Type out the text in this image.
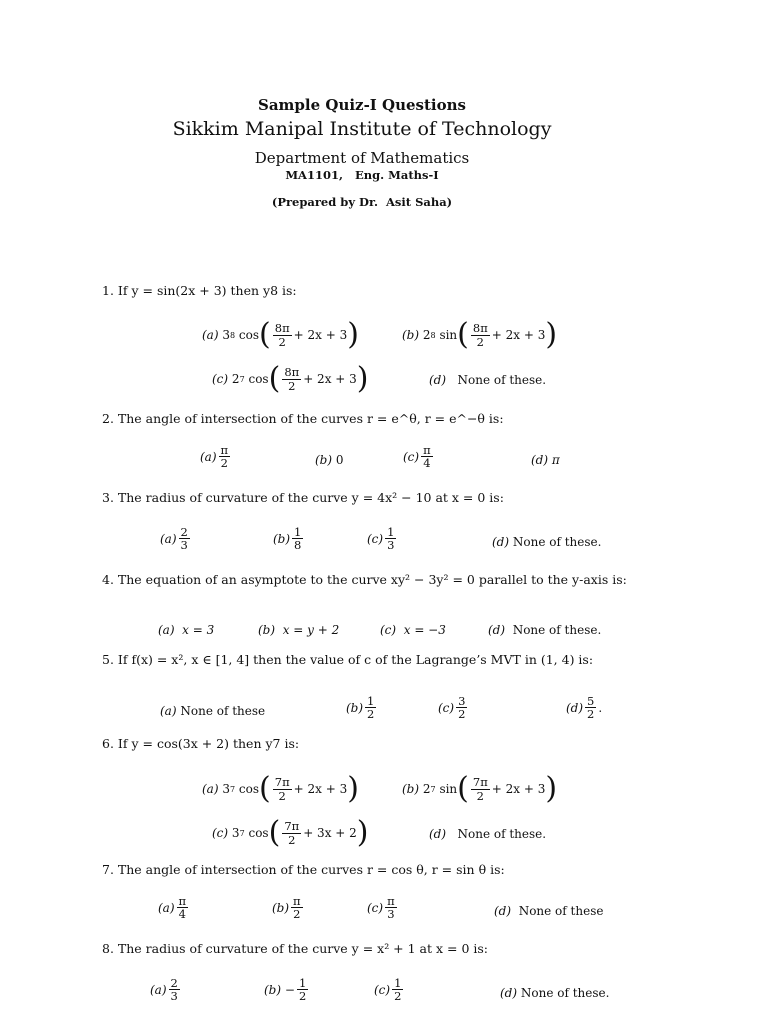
Sample Quiz-I Questions
Sikkim Manipal Institute of Technology
Department of Mathematics
MA1101,   Eng. Maths-I
(Prepared by Dr.  Asit Saha)
1. If y = sin(2x + 3) then y8 is:
(a)
3 8
cos ( $\frac{8\pi}{2} + 2x + 3$ )	(b)
2 8
sin ( $\frac{8\pi}{2} + 2x + 3$ )
(c)
2 7
cos ( $\frac{8\pi}{2} + 2x + 3$ )	(d) None of these.
2. The angle of intersection of the curves r = e^θ, r = e^−θ is:
$(a) \frac{\pi}{2}$	(b) 0	$(c) \frac{\pi}{4}$	(d) π
3. The radius of curvature of the curve y = 4x² − 10 at x = 0 is:
$(a) \frac{2}{3}$	$(b) \frac{1}{8}$	$(c) \frac{1}{3}$	(d) None of these.
4. The equation of an asymptote to the curve xy² − 3y² = 0 parallel to the y-axis is:
(a) x = 3	(b) x = y + 2	(c) x = −3	(d) None of these.
5. If f(x) = x², x ∈ [1, 4] then the value of c of the Lagrange’s MVT in (1, 4) is:
(a) None of these	$(b) \frac{1}{2}$	$(c) \frac{3}{2}$	$(d) \frac{5}{2}$ .
6. If y = cos(3x + 2) then y7 is:
(a)
3 7
cos ( $\frac{7\pi}{2} + 2x + 3$ )	(b)
2 7
sin ( $\frac{7\pi}{2} + 2x + 3$ )
(c)
3 7
cos ( $\frac{7\pi}{2} + 3x + 2$ )	(d) None of these.
7. The angle of intersection of the curves r = cos θ, r = sin θ is:
$(a) \frac{\pi}{4}$	$(b) \frac{\pi}{2}$	$(c) \frac{\pi}{3}$	(d) None of these
8. The radius of curvature of the curve y = x² + 1 at x = 0 is:
$(a) \frac{2}{3}$	(b)
− $\frac{1}{2}$	$(c) \frac{1}{2}$	(d) None of these.
